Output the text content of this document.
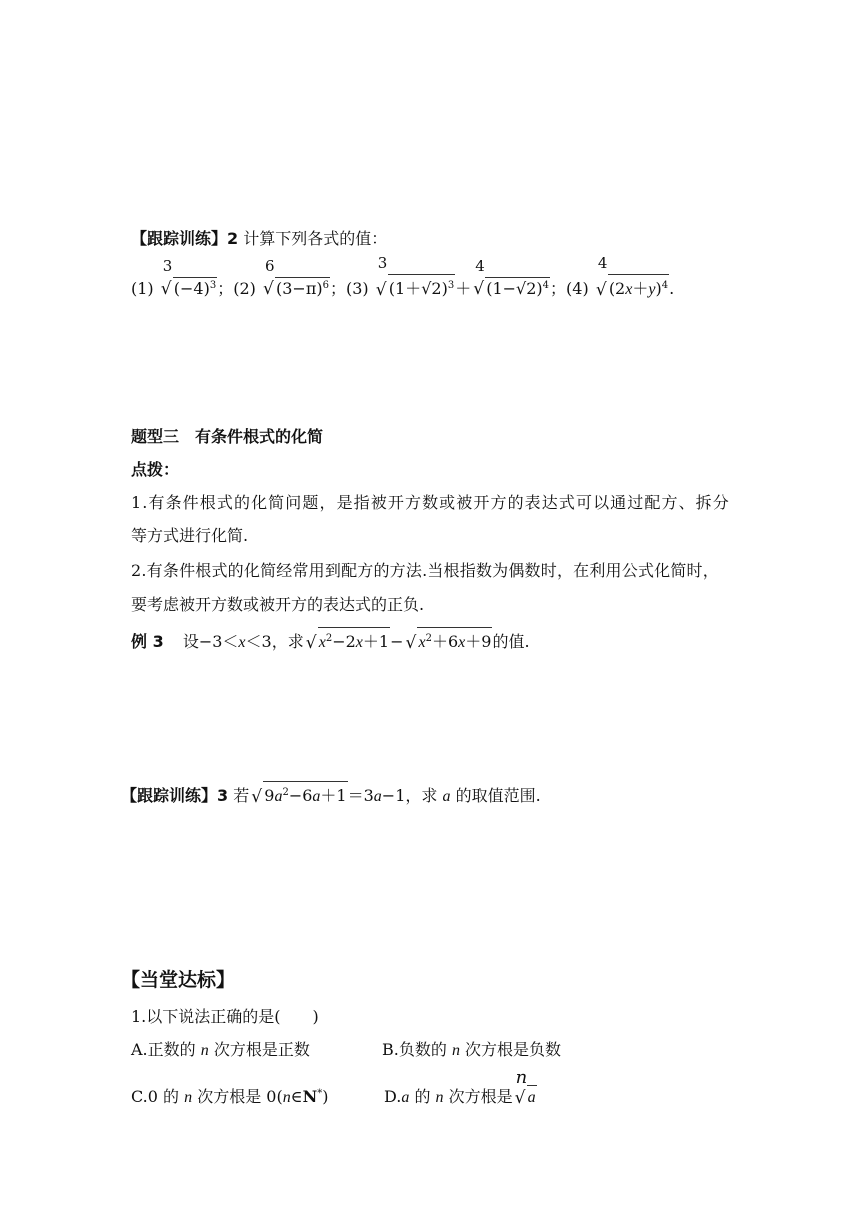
【跟踪训练】2 计算下列各式的值：
(1)
3
√ $(-4)^3$；(2)
6
√ $(3-\pi)^6$；(3)
3
√ $(1+√2)^3+$
4
√ $(1-√2)^4$；(4)
4
√ $(2x+y)^4$.
题型三　有条件根式的化简
点拨：
1.有条件根式的化简问题，是指被开方数或被开方的表达式可以通过配方、拆分
等方式进行化简.
2.有条件根式的化简经常用到配方的方法.当根指数为偶数时，在利用公式化简时，
要考虑被开方数或被开方的表达式的正负.
例 3 设−3＜x＜3，求 √ $x^2-2x+1-$ √ $x^2+6x+9$的值.
【跟踪训练】3 若 √ $9a^2-6a+1=3a-1$，求 a 的取值范围.
【当堂达标】
1.以下说法正确的是(　　)
A.正数的 n 次方根是正数	B.负数的 n 次方根是负数
C.0 的 n 次方根是 0(n∈N*)	D.a 的 n 次方根是
n
√ a
